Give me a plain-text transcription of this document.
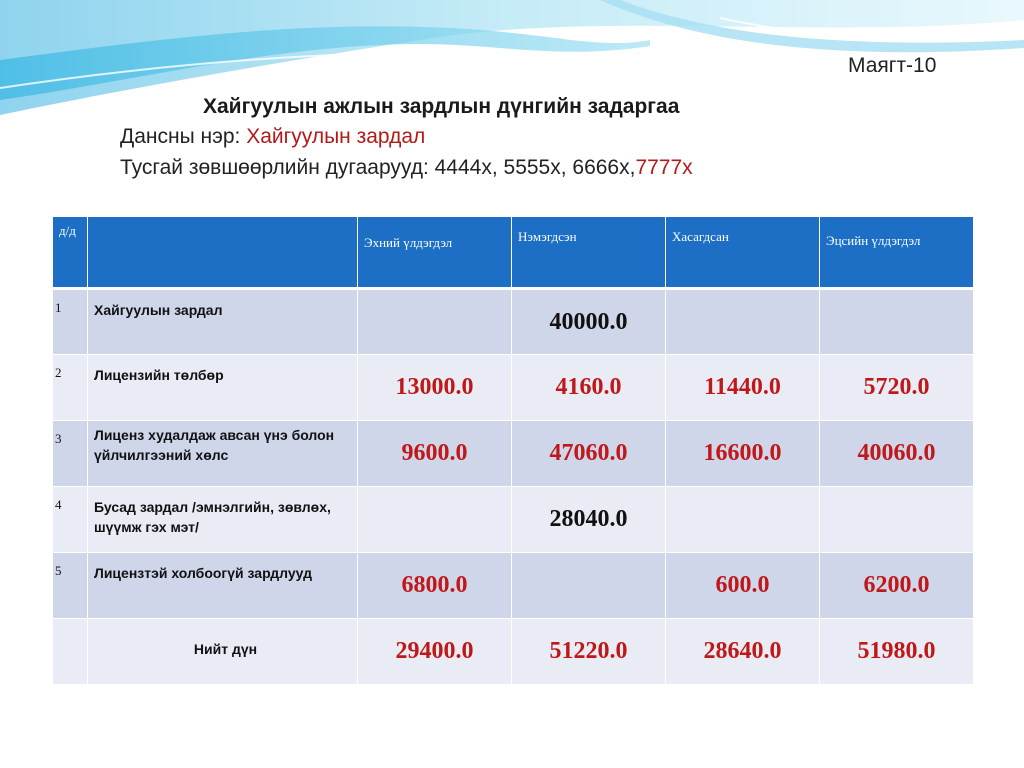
Маягт-10
Хайгуулын ажлын зардлын дүнгийн задаргаа
Дансны нэр: Хайгуулын зардал
Тусгай зөвшөөрлийн дугаарууд: 4444x, 5555x, 6666x,7777x
д/д		Эхний үлдэгдэл	Нэмэгдсэн	Хасагдсан	Эцсийн үлдэгдэл

1	Хайгуулын зардал		40000.0		
2	Лицензийн төлбөр	13000.0	4160.0	11440.0	5720.0
3	Лиценз худалдаж авсан үнэ болон үйлчилгээний хөлс	9600.0	47060.0	16600.0	40060.0
4	Бусад зардал /эмнэлгийн, зөвлөх, шүүмж гэх мэт/		28040.0		
5	Лицензтэй холбоогүй зардлууд	6800.0		600.0	6200.0
	Нийт дүн	29400.0	51220.0	28640.0	51980.0
